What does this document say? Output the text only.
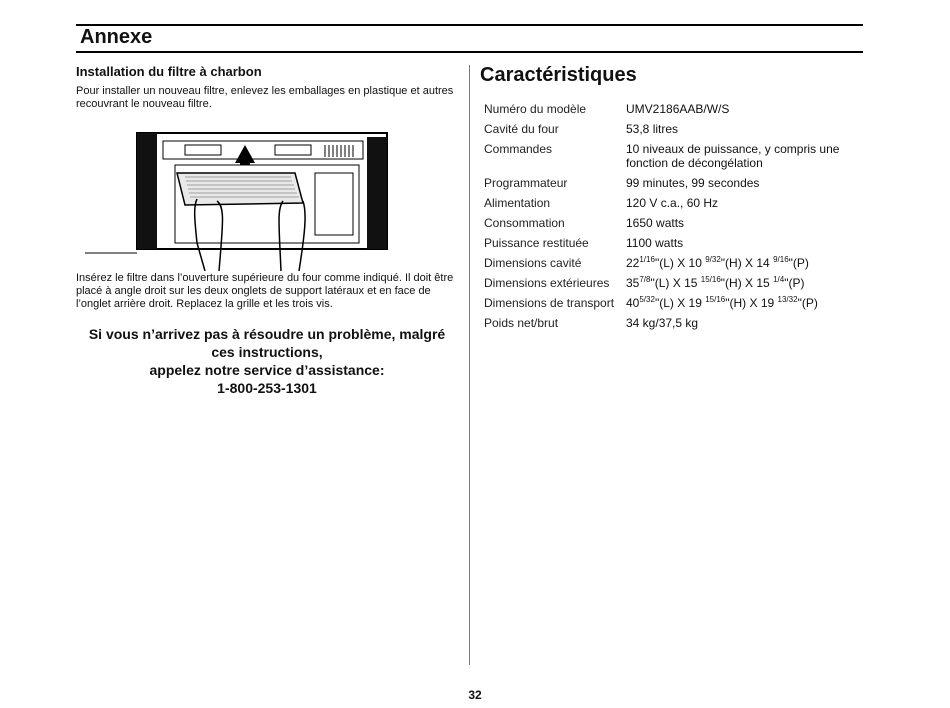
Annexe
Installation du filtre à charbon

Pour installer un nouveau filtre, enlevez les emballages en plastique et autres recouvrant le nouveau filtre.

Insérez le filtre dans l’ouverture supérieure du four comme indiqué. Il doit être placé à angle droit sur les deux onglets de support latéraux et en face de l’onglet arrière droit. Replacez la grille et les trois vis.

Si vous n’arrivez pas à résoudre un problème, malgré
ces instructions,
appelez notre service d’assistance:
1-800-253-1301
Caractéristiques
Numéro du modèle	UMV2186AAB/W/S
Cavité du four	53,8 litres
Commandes	10 niveaux de puissance, y compris une fonction de décongélation
Programmateur	99 minutes, 99 secondes
Alimentation	120 V c.a., 60 Hz
Consommation	1650 watts
Puissance restituée	1100 watts
Dimensions cavité	$22^{1/16}"(L)$ X 10 $^{9/32}$"(H) X 14 $^{9/16}$"(P)
Dimensions extérieures	$35^{7/8}"(L)$ X 15 $^{15/16}$"(H) X 15 $^{1/4}$"(P)
Dimensions de transport $40^{5/32}"(L)$ X 19 $^{15/16}$"(H) X 19 $^{13/32}$"(P)
Poids net/brut	34 kg/37,5 kg
32
